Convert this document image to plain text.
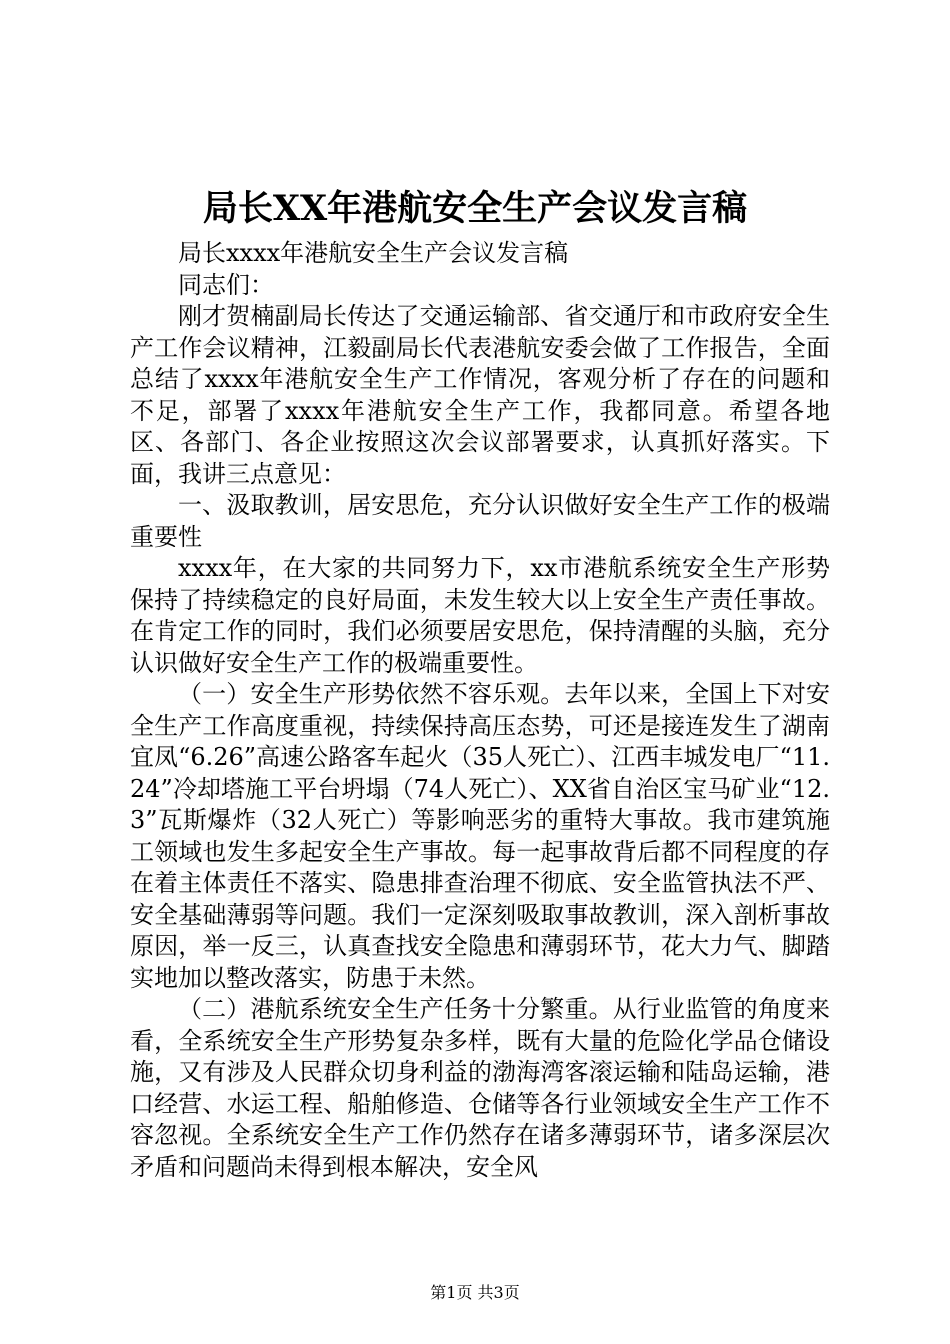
局长XX年港航安全生产会议发言稿

局长xxxx年港航安全生产会议发言稿

同志们：

刚才贺楠副局长传达了交通运输部、省交通厅和市政府安全生产工作会议精神，江毅副局长代表港航安委会做了工作报告，全面总结了xxxx年港航安全生产工作情况，客观分析了存在的问题和不足，部署了xxxx年港航安全生产工作，我都同意。希望各地区、各部门、各企业按照这次会议部署要求，认真抓好落实。下面，我讲三点意见：

一、汲取教训，居安思危，充分认识做好安全生产工作的极端重要性

xxxx年，在大家的共同努力下，xx市港航系统安全生产形势保持了持续稳定的良好局面，未发生较大以上安全生产责任事故。在肯定工作的同时，我们必须要居安思危，保持清醒的头脑，充分认识做好安全生产工作的极端重要性。

（一）安全生产形势依然不容乐观。去年以来，全国上下对安全生产工作高度重视，持续保持高压态势，可还是接连发生了湖南宜凤“6.26”高速公路客车起火（35人死亡）、江西丰城发电厂“11.24”冷却塔施工平台坍塌（74人死亡）、XX省自治区宝马矿业“12.3”瓦斯爆炸（32人死亡）等影响恶劣的重特大事故。我市建筑施工领域也发生多起安全生产事故。每一起事故背后都不同程度的存在着主体责任不落实、隐患排查治理不彻底、安全监管执法不严、安全基础薄弱等问题。我们一定深刻吸取事故教训，深入剖析事故原因，举一反三，认真查找安全隐患和薄弱环节，花大力气、脚踏实地加以整改落实，防患于未然。

（二）港航系统安全生产任务十分繁重。从行业监管的角度来看，全系统安全生产形势复杂多样，既有大量的危险化学品仓储设施，又有涉及人民群众切身利益的渤海湾客滚运输和陆岛运输，港口经营、水运工程、船舶修造、仓储等各行业领域安全生产工作不容忽视。全系统安全生产工作仍然存在诸多薄弱环节，诸多深层次矛盾和问题尚未得到根本解决，安全风

第1页 共3页
